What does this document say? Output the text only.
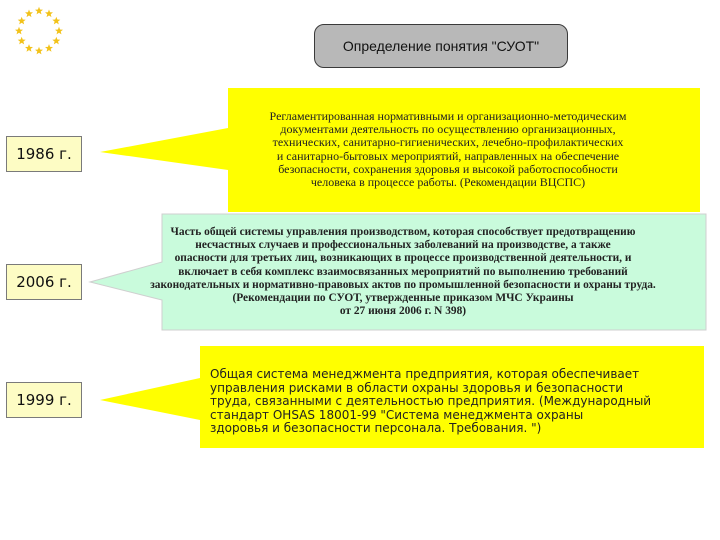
Определение понятия "СУОТ"
1986 г.
2006 г.
1999 г.
Регламентированная нормативными и организационно-методическим
документами деятельность по осуществлению организационных,
технических, санитарно-гигиенических, лечебно-профилактических
и санитарно-бытовых мероприятий, направленных на обеспечение
безопасности, сохранения здоровья и высокой работоспособности
человека в процессе работы. (Рекомендации ВЦСПС)
Часть общей системы управления производством, которая способствует предотвращению
несчастных случаев и профессиональных заболеваний на производстве, а также
опасности для третьих лиц, возникающих в процессе производственной деятельности, и
включает в себя комплекс взаимосвязанных мероприятий по выполнению требований
законодательных и нормативно-правовых актов по промышленной безопасности и охраны труда.
(Рекомендации по СУОТ, утвержденные приказом МЧС Украины
от 27 июня 2006 г. N 398)
Общая система менеджмента предприятия, которая обеспечивает
управления рисками в области охраны здоровья и безопасности
труда, связанными с деятельностью предприятия. (Международный
стандарт OHSAS 18001-99 "Система менеджмента охраны
здоровья и безопасности персонала. Требования. ")
